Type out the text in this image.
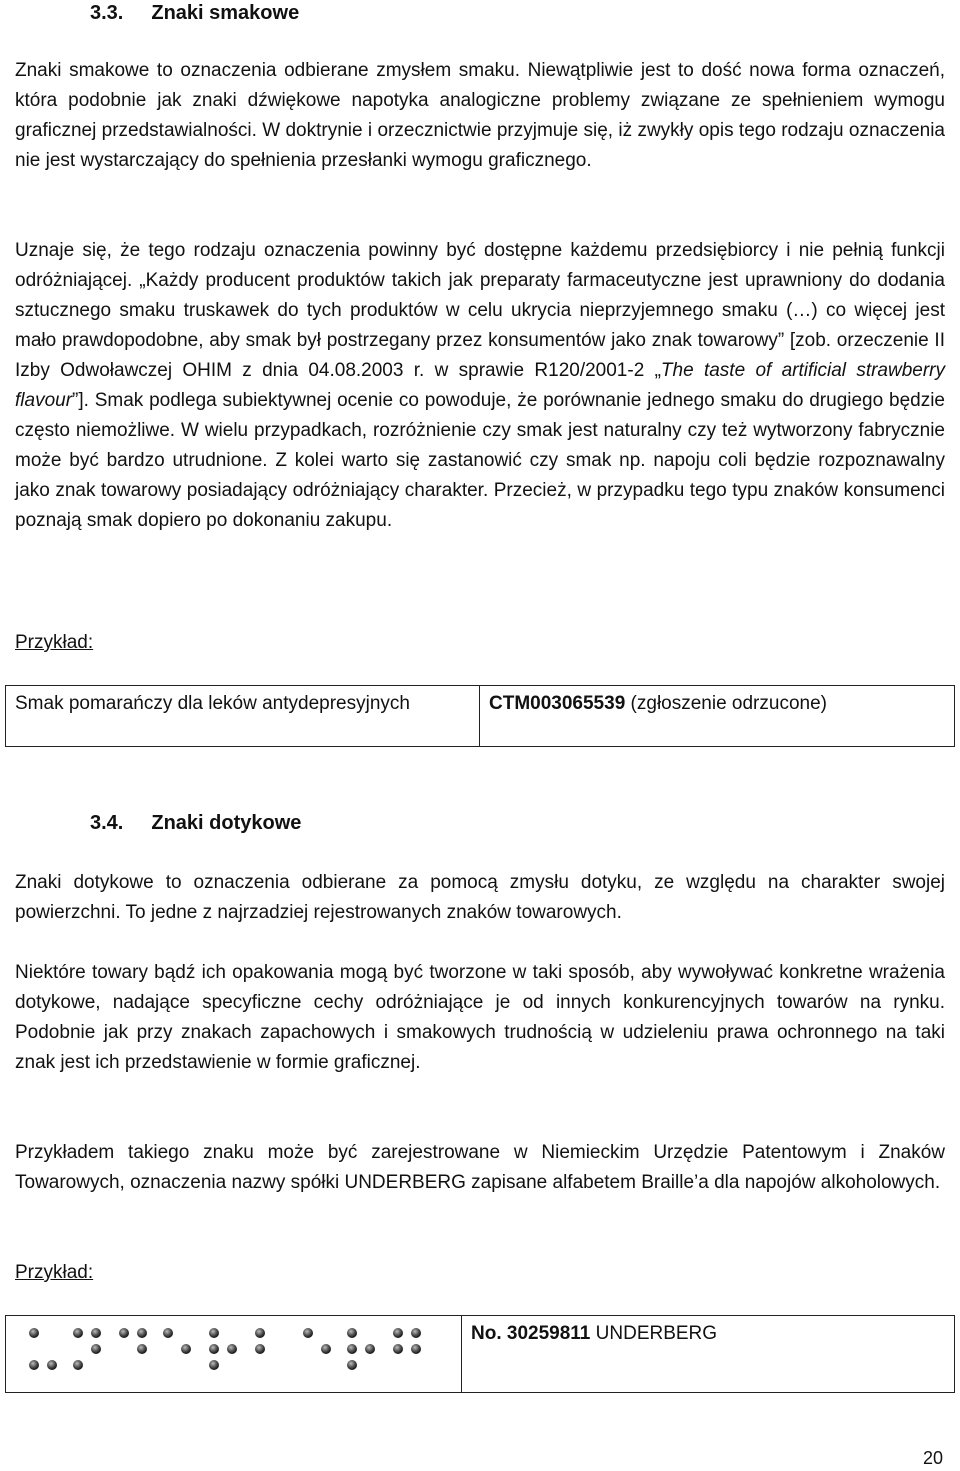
3.3. Znaki smakowe

Znaki smakowe to oznaczenia odbierane zmysłem smaku. Niewątpliwie jest to dość nowa forma oznaczeń, która podobnie jak znaki dźwiękowe napotyka analogiczne problemy związane ze spełnieniem wymogu graficznej przedstawialności. W doktrynie i orzecznictwie przyjmuje się, iż zwykły opis tego rodzaju oznaczenia nie jest wystarczający do spełnienia przesłanki wymogu graficznego.

Uznaje się, że tego rodzaju oznaczenia powinny być dostępne każdemu przedsiębiorcy i nie pełnią funkcji odróżniającej. „Każdy producent produktów takich jak preparaty farmaceutyczne jest uprawniony do dodania sztucznego smaku truskawek do tych produktów w celu ukrycia nieprzyjemnego smaku (…) co więcej jest mało prawdopodobne, aby smak był postrzegany przez konsumentów jako znak towarowy” [zob. orzeczenie II Izby Odwoławczej OHIM z dnia 04.08.2003 r. w sprawie R120/2001-2 „The taste of artificial strawberry flavour”]. Smak podlega subiektywnej ocenie co powoduje, że porównanie jednego smaku do drugiego będzie często niemożliwe. W wielu przypadkach, rozróżnienie czy smak jest naturalny czy też wytworzony fabrycznie może być bardzo utrudnione. Z kolei warto się zastanowić czy smak np. napoju coli będzie rozpoznawalny jako znak towarowy posiadający odróżniający charakter. Przecież, w przypadku tego typu znaków konsumenci poznają smak dopiero po dokonaniu zakupu.

Przykład:

Smak pomarańczy dla leków antydepresyjnych	CTM003065539 (zgłoszenie odrzucone)
3.4. Znaki dotykowe

Znaki dotykowe to oznaczenia odbierane za pomocą zmysłu dotyku, ze względu na charakter swojej powierzchni. To jedne z najrzadziej rejestrowanych znaków towarowych.

Niektóre towary bądź ich opakowania mogą być tworzone w taki sposób, aby wywoływać konkretne wrażenia dotykowe, nadające specyficzne cechy odróżniające je od innych konkurencyjnych towarów na rynku. Podobnie jak przy znakach zapachowych i smakowych trudnością w udzieleniu prawa ochronnego na taki znak jest ich przedstawienie w formie graficznej.

Przykładem takiego znaku może być zarejestrowane w Niemieckim Urzędzie Patentowym i Znaków Towarowych, oznaczenia nazwy spółki UNDERBERG zapisane alfabetem Braille’a dla napojów alkoholowych.

Przykład:

	No. 30259811 UNDERBERG
20
